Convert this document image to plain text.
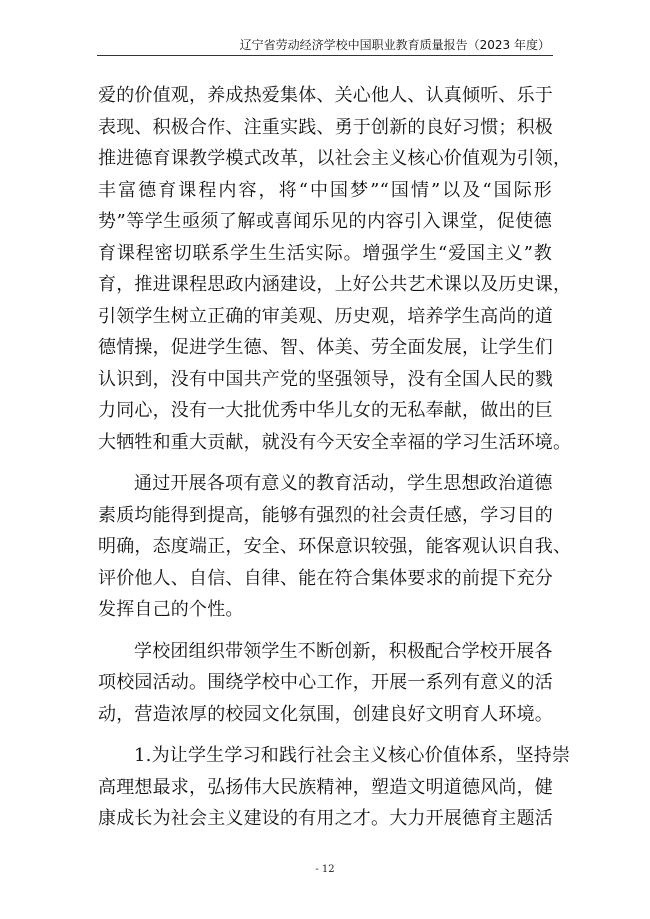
辽宁省劳动经济学校中国职业教育质量报告（2023 年度）

爱的价值观，养成热爱集体、关心他人、认真倾听、乐于
表现、积极合作、注重实践、勇于创新的良好习惯；积极
推进德育课教学模式改革，以社会主义核心价值观为引领，
丰富德育课程内容，将“中国梦”“国情”以及“国际形
势”等学生亟须了解或喜闻乐见的内容引入课堂，促使德
育课程密切联系学生生活实际。增强学生“爱国主义”教
育，推进课程思政内涵建设，上好公共艺术课以及历史课，
引领学生树立正确的审美观、历史观，培养学生高尚的道
德情操，促进学生德、智、体美、劳全面发展，让学生们
认识到，没有中国共产党的坚强领导，没有全国人民的戮
力同心，没有一大批优秀中华儿女的无私奉献，做出的巨
大牺牲和重大贡献，就没有今天安全幸福的学习生活环境。

通过开展各项有意义的教育活动，学生思想政治道德
素质均能得到提高，能够有强烈的社会责任感，学习目的
明确，态度端正，安全、环保意识较强，能客观认识自我、
评价他人、自信、自律、能在符合集体要求的前提下充分
发挥自己的个性。

学校团组织带领学生不断创新，积极配合学校开展各
项校园活动。围绕学校中心工作，开展一系列有意义的活
动，营造浓厚的校园文化氛围，创建良好文明育人环境。

1.为让学生学习和践行社会主义核心价值体系，坚持崇
高理想最求，弘扬伟大民族精神，塑造文明道德风尚，健
康成长为社会主义建设的有用之才。大力开展德育主题活

- 12
